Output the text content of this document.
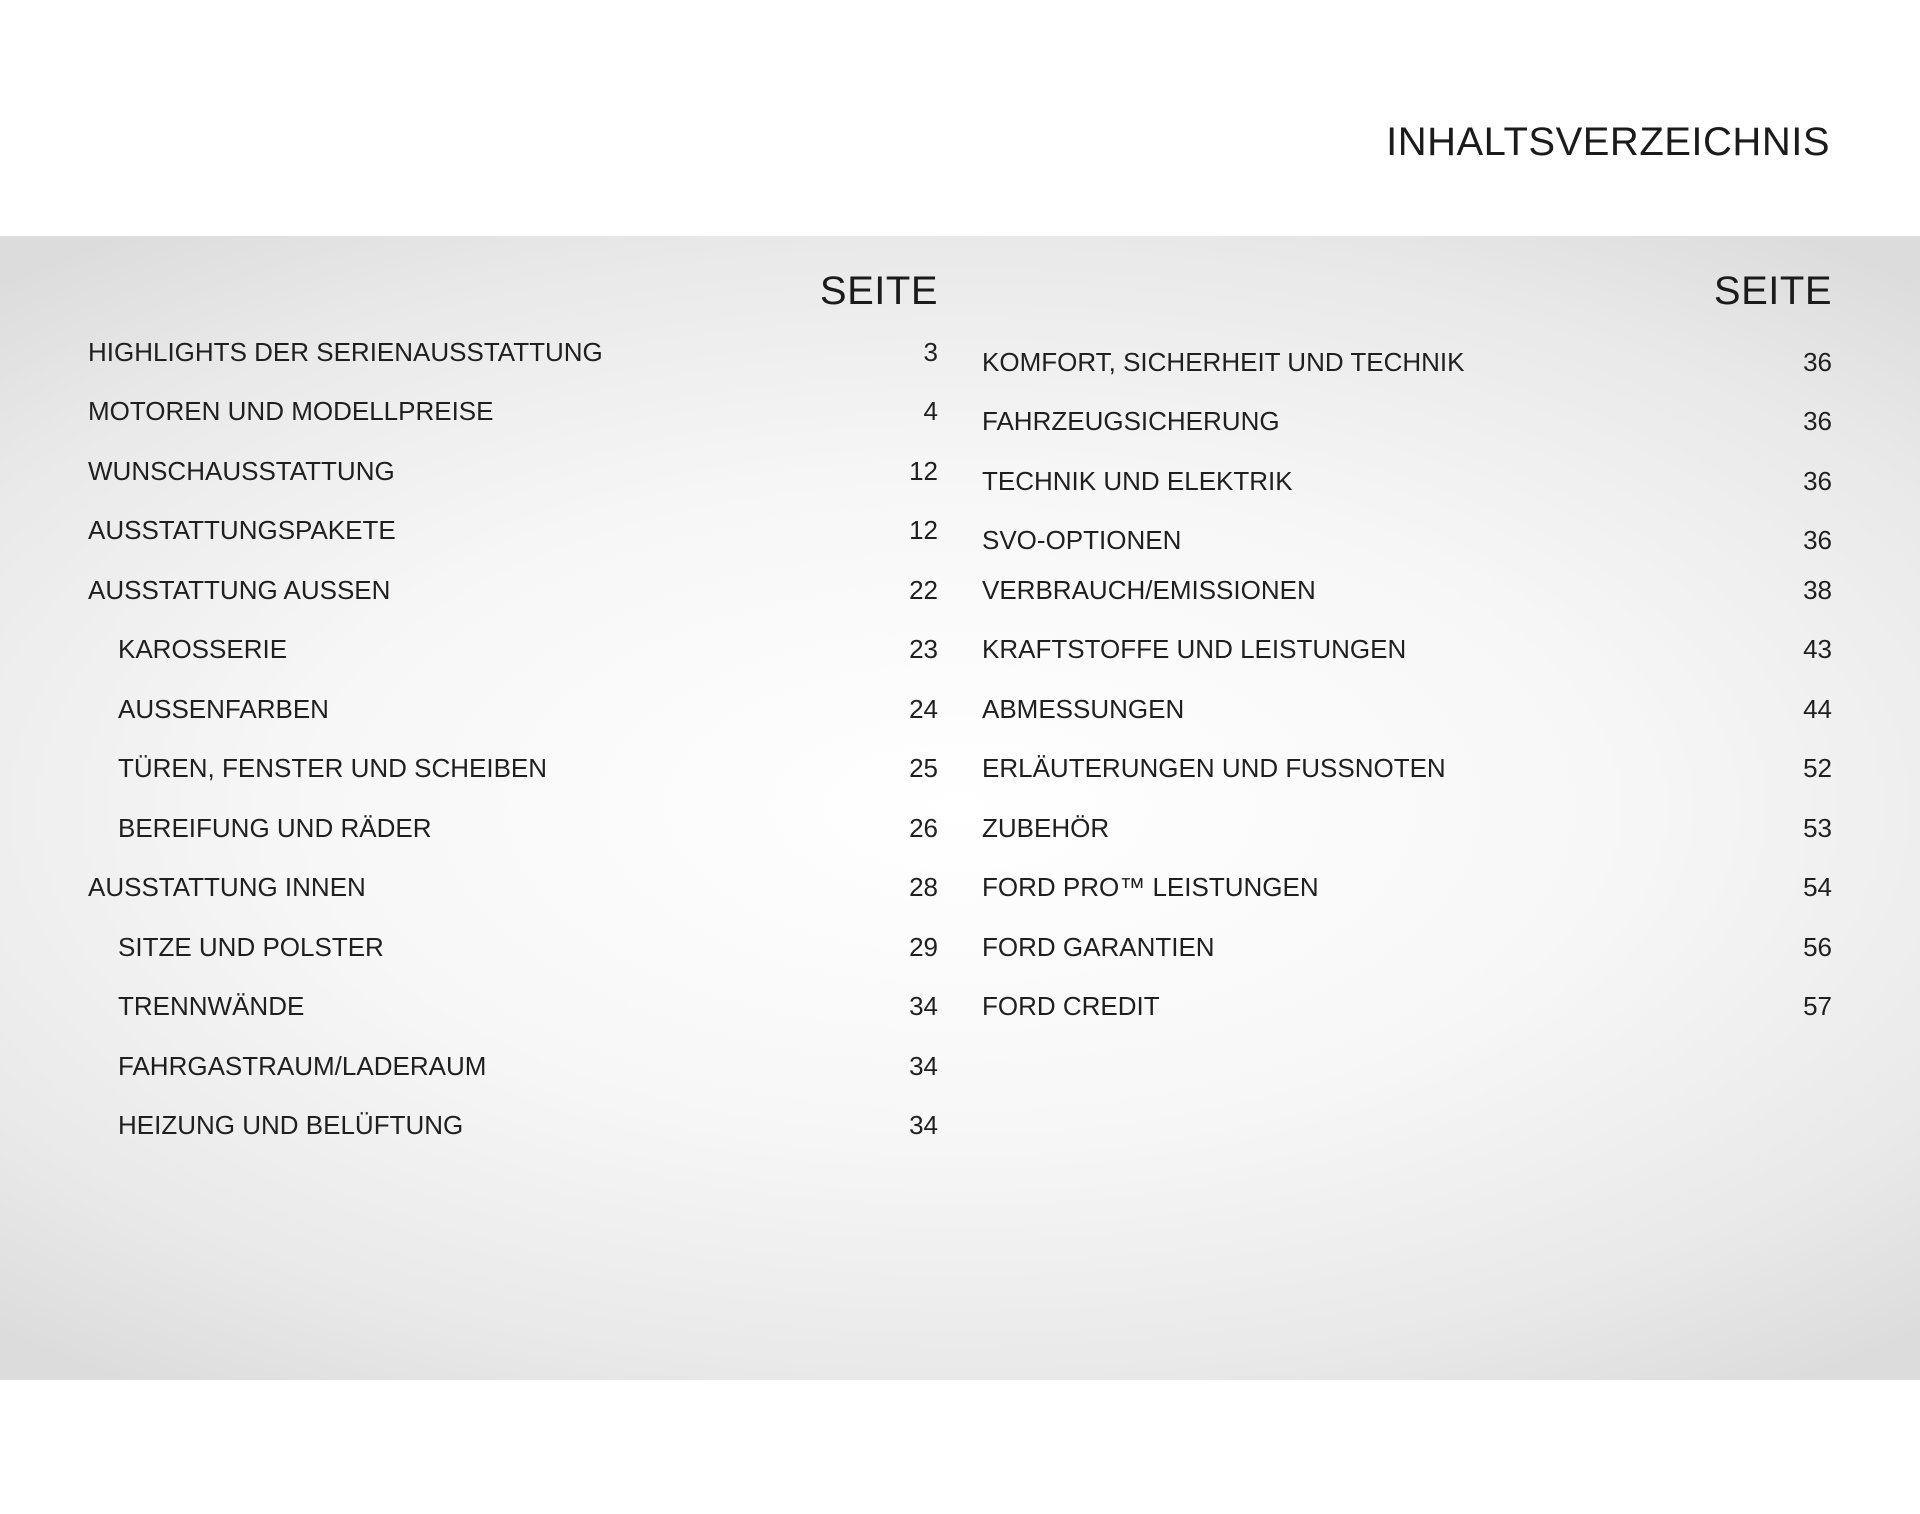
INHALTSVERZEICHNIS
SEITE
HIGHLIGHTS DER SERIENAUSSTATTUNG	3
MOTOREN UND MODELLPREISE	4
WUNSCHAUSSTATTUNG	12
AUSSTATTUNGSPAKETE	12
AUSSTATTUNG AUSSEN	22
KAROSSERIE	23
AUSSENFARBEN	24
TÜREN, FENSTER UND SCHEIBEN	25
BEREIFUNG UND RÄDER	26
AUSSTATTUNG INNEN	28
SITZE UND POLSTER	29
TRENNWÄNDE	34
FAHRGASTRAUM/LADERAUM	34
HEIZUNG UND BELÜFTUNG	34
SEITE
KOMFORT, SICHERHEIT UND TECHNIK	36
FAHRZEUGSICHERUNG	36
TECHNIK UND ELEKTRIK	36
SVO-OPTIONEN	36
VERBRAUCH/EMISSIONEN	38
KRAFTSTOFFE UND LEISTUNGEN	43
ABMESSUNGEN	44
ERLÄUTERUNGEN UND FUSSNOTEN	52
ZUBEHÖR	53
FORD PRO™ LEISTUNGEN	54
FORD GARANTIEN	56
FORD CREDIT	57
